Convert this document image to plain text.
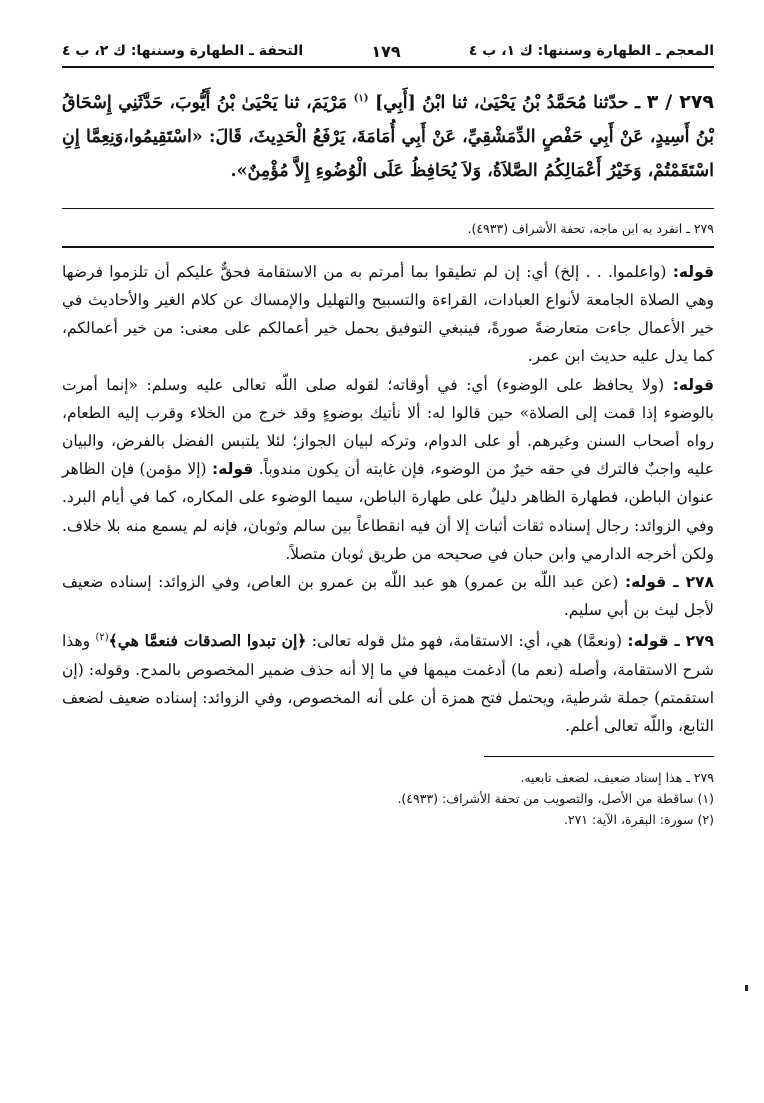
المعجم ـ الطهارة وسننها: ك ١، ب ٤
١٧٩
التحفة ـ الطهارة وسننها: ك ٢، ب ٤
٢٧٩ / ٣ ـ حدّثنا مُحَمَّدُ بْنُ يَحْيَىٰ، ثنا ابْنُ [أَبِي] $^{(١)}$ مَرْيَمَ، ثنا يَحْيَىٰ بْنُ أَيُّوبَ، حَدَّثَنِي إِسْحَاقُ بْنُ أَسِيدٍ، عَنْ أَبِي حَفْصٍ الدِّمَشْقِيِّ، عَنْ أَبِي أُمَامَةَ، يَرْفَعُ الْحَدِيثَ، قَالَ: «اسْتَقِيمُوا،وَنِعِمَّا إِنِ اسْتَقَمْتُمْ، وَخَيْرُ أَعْمَالِكُمُ الصَّلاَةُ، وَلاَ يُحَافِظُ عَلَى الْوُضُوءِ إِلاَّ مُؤْمِنٌ».
٢٧٩ ـ انفرد به ابن ماجه، تحفة الأشراف (٤٩٣٣).

قوله: (واعلموا. . . إلخ) أي: إن لم تطيقوا بما أمرتم به من الاستقامة فحقٌّ عليكم أن تلزموا فرضها وهي الصلاة الجامعة لأنواع العبادات، القراءة والتسبيح والتهليل والإمساك عن كلام الغير والأحاديث في خير الأعمال جاءت متعارضةً صورةً، فينبغي التوفيق بحمل خير أعمالكم على معنى: من خير أعمالكم، كما يدل عليه حديث ابن عمر.

قوله: (ولا يحافظ على الوضوء) أي: في أوقاته؛ لقوله صلى اللّه تعالى عليه وسلم: «إنما أمرت بالوضوء إذا قمت إلى الصلاة» حين قالوا له: ألا نأتيك بوضوءٍ وقد خرج من الخلاء وقرب إليه الطعام، رواه أصحاب السنن وغيرهم. أو على الدوام، وتركه لبيان الجواز؛ لئلا يلتبس الفضل بالفرض، والبيان عليه واجبٌ فالترك في حقه خيرٌ من الوضوء، فإن غايته أن يكون مندوباً. قوله: (إلا مؤمن) فإن الظاهر عنوان الباطن، فطهارة الظاهر دليلٌ على طهارة الباطن، سيما الوضوء على المكاره، كما في أيام البرد. وفي الزوائد: رجال إسناده ثقات أثبات إلا أن فيه انقطاعاً بين سالم وثوبان، فإنه لم يسمع منه بلا خلاف. ولكن أخرجه الدارمي وابن حبان في صحيحه من طريق ثوبان متصلاً.

٢٧٨ ـ قوله: (عن عبد اللّه بن عمرو) هو عبد اللّه بن عمرو بن العاص، وفي الزوائد: إسناده ضعيف لأجل ليث بن أبي سليم.

٢٧٩ ـ قوله: (ونعمَّا) هي، أي: الاستقامة، فهو مثل قوله تعالى: ﴿إن تبدوا الصدقات فنعمَّا هي﴾$^{(٢)}$ وهذا شرح الاستقامة، وأصله (نعم ما) أدغمت ميمها في ما إلا أنه حذف ضمير المخصوص بالمدح. وقوله: (إن استقمتم) جملة شرطية، ويحتمل فتح همزة أن على أنه المخصوص، وفي الزوائد: إسناده ضعيف لضعف التابع، واللّه تعالى أعلم.

٢٧٩ ـ هذا إسناد ضعيف، لضعف تابعيه.
(١) ساقطة من الأصل، والتصويب من تحفة الأشراف: (٤٩٣٣).
(٢) سورة: البقرة، الآية: ٢٧١.
